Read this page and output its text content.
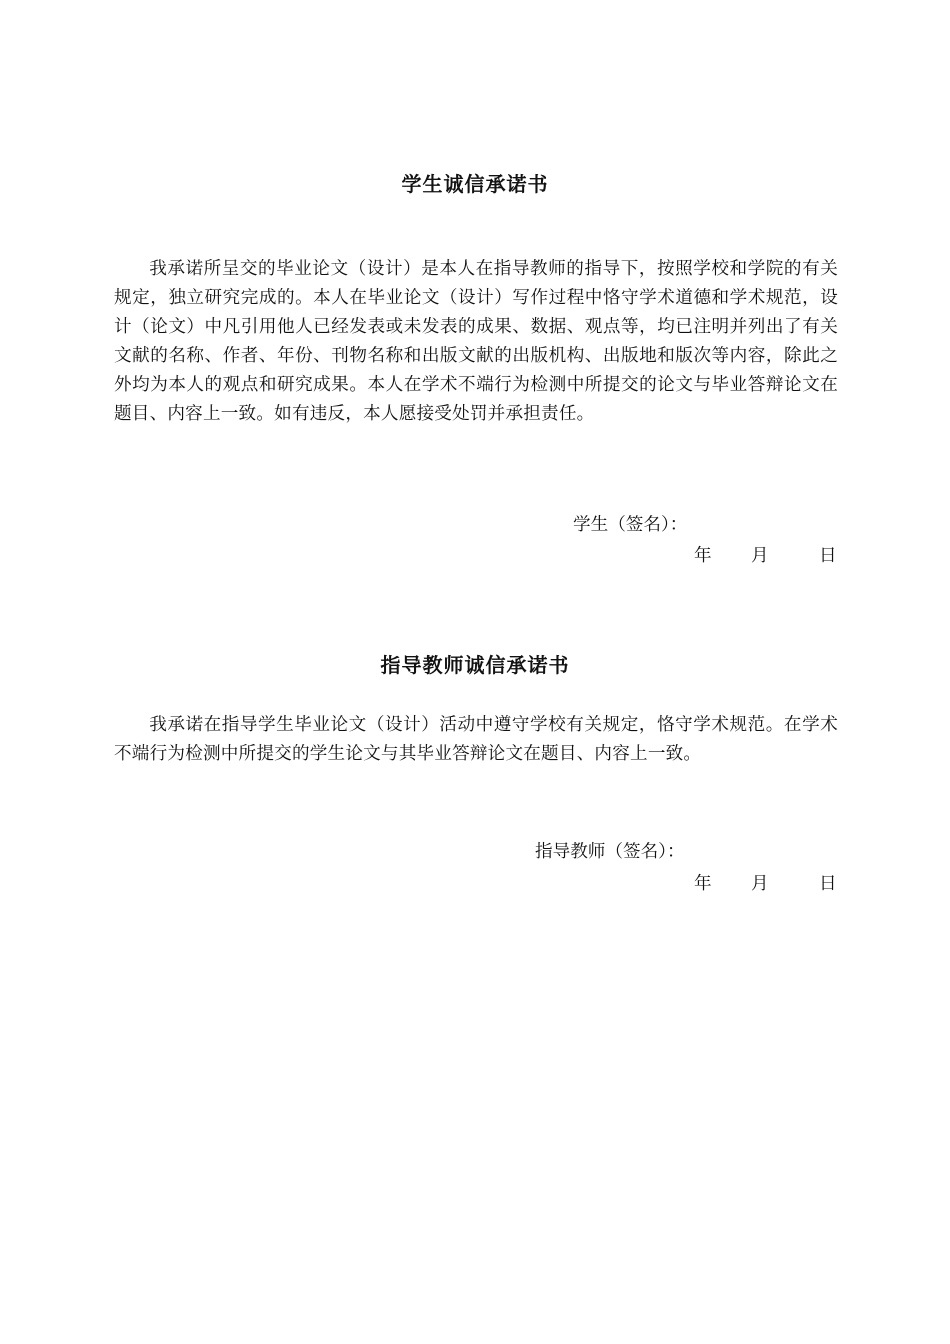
学生诚信承诺书

我承诺所呈交的毕业论文（设计）是本人在指导教师的指导下，按照学校和学院的有关规定，独立研究完成的。本人在毕业论文（设计）写作过程中恪守学术道德和学术规范，设计（论文）中凡引用他人已经发表或未发表的成果、数据、观点等，均已注明并列出了有关文献的名称、作者、年份、刊物名称和出版文献的出版机构、出版地和版次等内容，除此之外均为本人的观点和研究成果。本人在学术不端行为检测中所提交的论文与毕业答辩论文在题目、内容上一致。如有违反，本人愿接受处罚并承担责任。

学生（签名）：
年 月	日
指导教师诚信承诺书

我承诺在指导学生毕业论文（设计）活动中遵守学校有关规定，恪守学术规范。在学术不端行为检测中所提交的学生论文与其毕业答辩论文在题目、内容上一致。

指导教师（签名）：
年 月	日
